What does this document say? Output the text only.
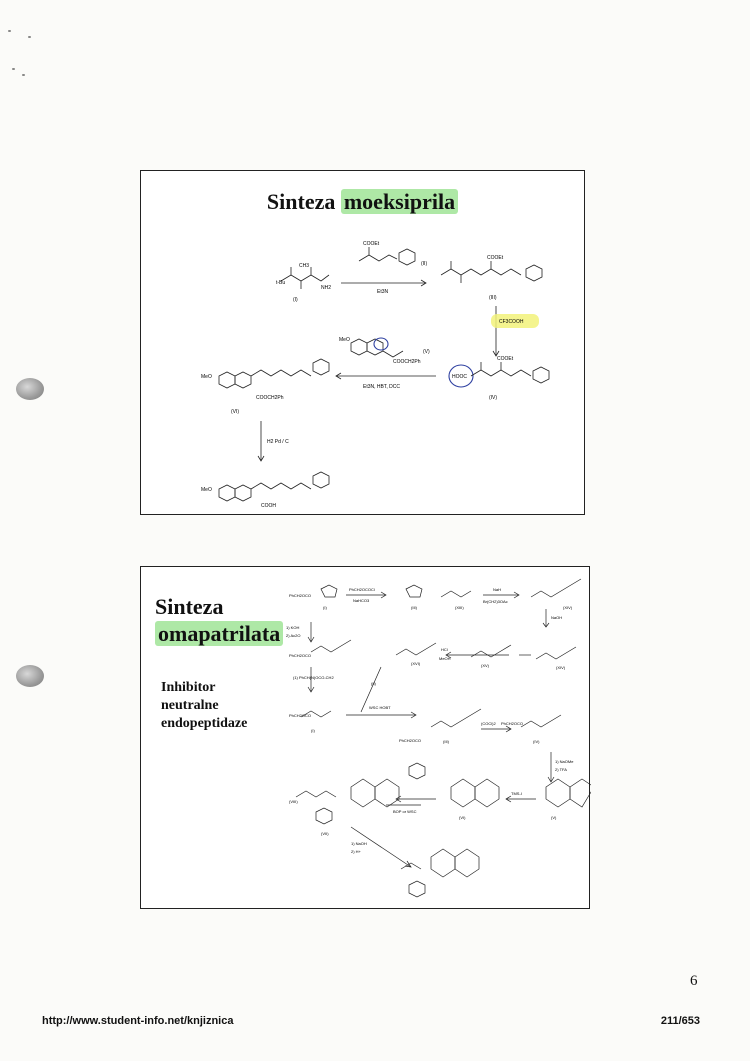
Sinteza moeksiprila
t-Bu
CH3
NH2
(I)
COOEt
(II)
Et3N
COOEt
(III)
CF3COOH
HOOC
COOEt
(IV)
MeO
COOCH2Ph
(V)
Et3N, HBT, DCC
MeO
COOCH2Ph
(VI)
H2 Pd / C
MeO
COOH
Sinteza
omapatrilata
Inhibitor
neutralne
endopeptidaze
PhCH2OCO
PhCH2OCOCl
NaHCO3
(I)	(III)	(XIII)
NaH
Br(CH2)3OAc
(XIV)
NaOH
1) KOH
2) Ac2O
PhCH2OCO
(XVI)
HCl
MeOH
(XV)	(XIV)
(1) PhCH(N)OCO-CH2
PhCH2OCO
(I)
(II)
WSC HOBT
PhCH2OCO	(III)
(COCl)2 PhCH2OCO
(IV)
1) NaOMe
2) TFA
(VIII)
BOP or WSC
(VI)
TMS-I
(V)
(VII)
1) NaOH
2) H+
6
http://www.student-info.net/knjiznica	211/653
